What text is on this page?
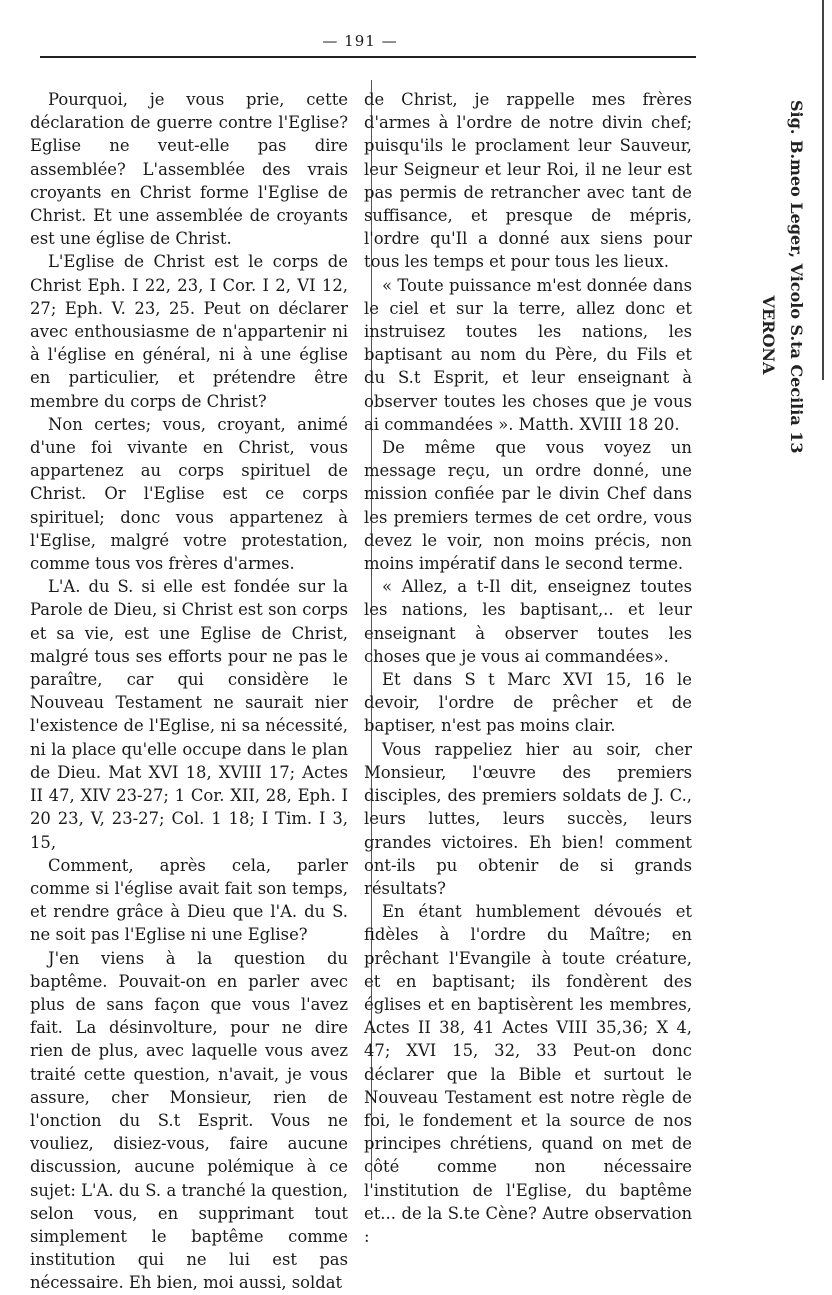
— 191 —

Pourquoi, je vous prie, cette déclaration de guerre contre l'Eglise? Eglise ne veut-elle pas dire assemblée? L'assemblée des vrais croyants en Christ forme l'Eglise de Christ. Et une assemblée de croyants est une église de Christ.

L'Eglise de Christ est le corps de Christ Eph. I 22, 23, I Cor. I 2, VI 12, 27; Eph. V. 23, 25. Peut on déclarer avec enthousiasme de n'appartenir ni à l'église en général, ni à une église en particulier, et prétendre être membre du corps de Christ?

Non certes; vous, croyant, animé d'une foi vivante en Christ, vous appartenez au corps spirituel de Christ. Or l'Eglise est ce corps spirituel; donc vous appartenez à l'Eglise, malgré votre protestation, comme tous vos frères d'armes.

L'A. du S. si elle est fondée sur la Parole de Dieu, si Christ est son corps et sa vie, est une Eglise de Christ, malgré tous ses efforts pour ne pas le paraître, car qui considère le Nouveau Testament ne saurait nier l'existence de l'Eglise, ni sa nécessité, ni la place qu'elle occupe dans le plan de Dieu. Mat XVI 18, XVIII 17; Actes II 47, XIV 23-27; 1 Cor. XII, 28, Eph. I 20 23, V, 23-27; Col. 1 18; I Tim. I 3, 15,

Comment, après cela, parler comme si l'église avait fait son temps, et rendre grâce à Dieu que l'A. du S. ne soit pas l'Eglise ni une Eglise?

J'en viens à la question du baptême. Pouvait-on en parler avec plus de sans façon que vous l'avez fait. La désinvolture, pour ne dire rien de plus, avec laquelle vous avez traité cette question, n'avait, je vous assure, cher Monsieur, rien de l'onction du S.t Esprit. Vous ne vouliez, disiez-vous, faire aucune discussion, aucune polémique à ce sujet: L'A. du S. a tranché la question, selon vous, en supprimant tout simplement le baptême comme institution qui ne lui est pas nécessaire. Eh bien, moi aussi, soldat

de Christ, je rappelle mes frères d'armes à l'ordre de notre divin chef; puisqu'ils le proclament leur Sauveur, leur Seigneur et leur Roi, il ne leur est pas permis de retrancher avec tant de suffisance, et presque de mépris, l'ordre qu'Il a donné aux siens pour tous les temps et pour tous les lieux.

« Toute puissance m'est donnée dans le ciel et sur la terre, allez donc et instruisez toutes les nations, les baptisant au nom du Père, du Fils et du S.t Esprit, et leur enseignant à observer toutes les choses que je vous ai commandées ». Matth. XVIII 18 20.

De même que vous voyez un message reçu, un ordre donné, une mission confiée par le divin Chef dans les premiers termes de cet ordre, vous devez le voir, non moins précis, non moins impératif dans le second terme.

« Allez, a t-Il dit, enseignez toutes les nations, les baptisant,.. et leur enseignant à observer toutes les choses que je vous ai commandées».

Et dans S t Marc XVI 15, 16 le devoir, l'ordre de prêcher et de baptiser, n'est pas moins clair.

Vous rappeliez hier au soir, cher Monsieur, l'œuvre des premiers disciples, des premiers soldats de J. C., leurs luttes, leurs succès, leurs grandes victoires. Eh bien! comment ont-ils pu obtenir de si grands résultats?

En étant humblement dévoués et fidèles à l'ordre du Maître; en prêchant l'Evangile à toute créature, et en baptisant; ils fondèrent des églises et en baptisèrent les membres, Actes II 38, 41 Actes VIII 35,36; X 4, 47; XVI 15, 32, 33 Peut-on donc déclarer que la Bible et surtout le Nouveau Testament est notre règle de foi, le fondement et la source de nos principes chrétiens, quand on met de côté comme non nécessaire l'institution de l'Eglise, du baptême et... de la S.te Cène? Autre observation :

Sig. B.meo Leger, Vicolo S.ta Cecilia 13
VERONA
